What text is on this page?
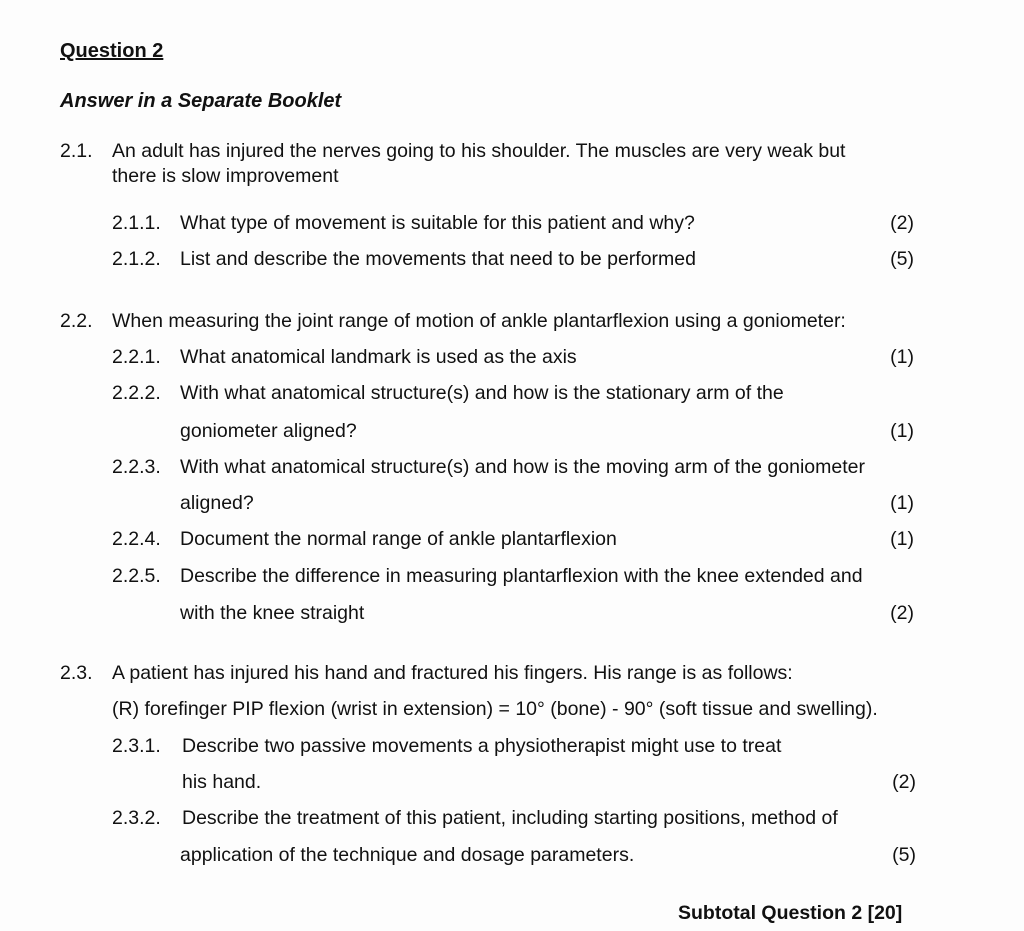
Question 2
Answer in a Separate Booklet
2.1. An adult has injured the nerves going to his shoulder. The muscles are very weak but
there is slow improvement
2.1.1. What type of movement is suitable for this patient and why?	(2)
2.1.2. List and describe the movements that need to be performed	(5)
2.2. When measuring the joint range of motion of ankle plantarflexion using a goniometer:
2.2.1. What anatomical landmark is used as the axis	(1)
2.2.2. With what anatomical structure(s) and how is the stationary arm of the
goniometer aligned?	(1)
2.2.3. With what anatomical structure(s) and how is the moving arm of the goniometer
aligned?	(1)
2.2.4. Document the normal range of ankle plantarflexion	(1)
2.2.5. Describe the difference in measuring plantarflexion with the knee extended and
with the knee straight	(2)
2.3. A patient has injured his hand and fractured his fingers. His range is as follows:
(R) forefinger PIP flexion (wrist in extension) = 10° (bone) - 90° (soft tissue and swelling).
2.3.1. Describe two passive movements a physiotherapist might use to treat
his hand.	(2)
2.3.2. Describe the treatment of this patient, including starting positions, method of
application of the technique and dosage parameters.	(5)
Subtotal Question 2 [20]
